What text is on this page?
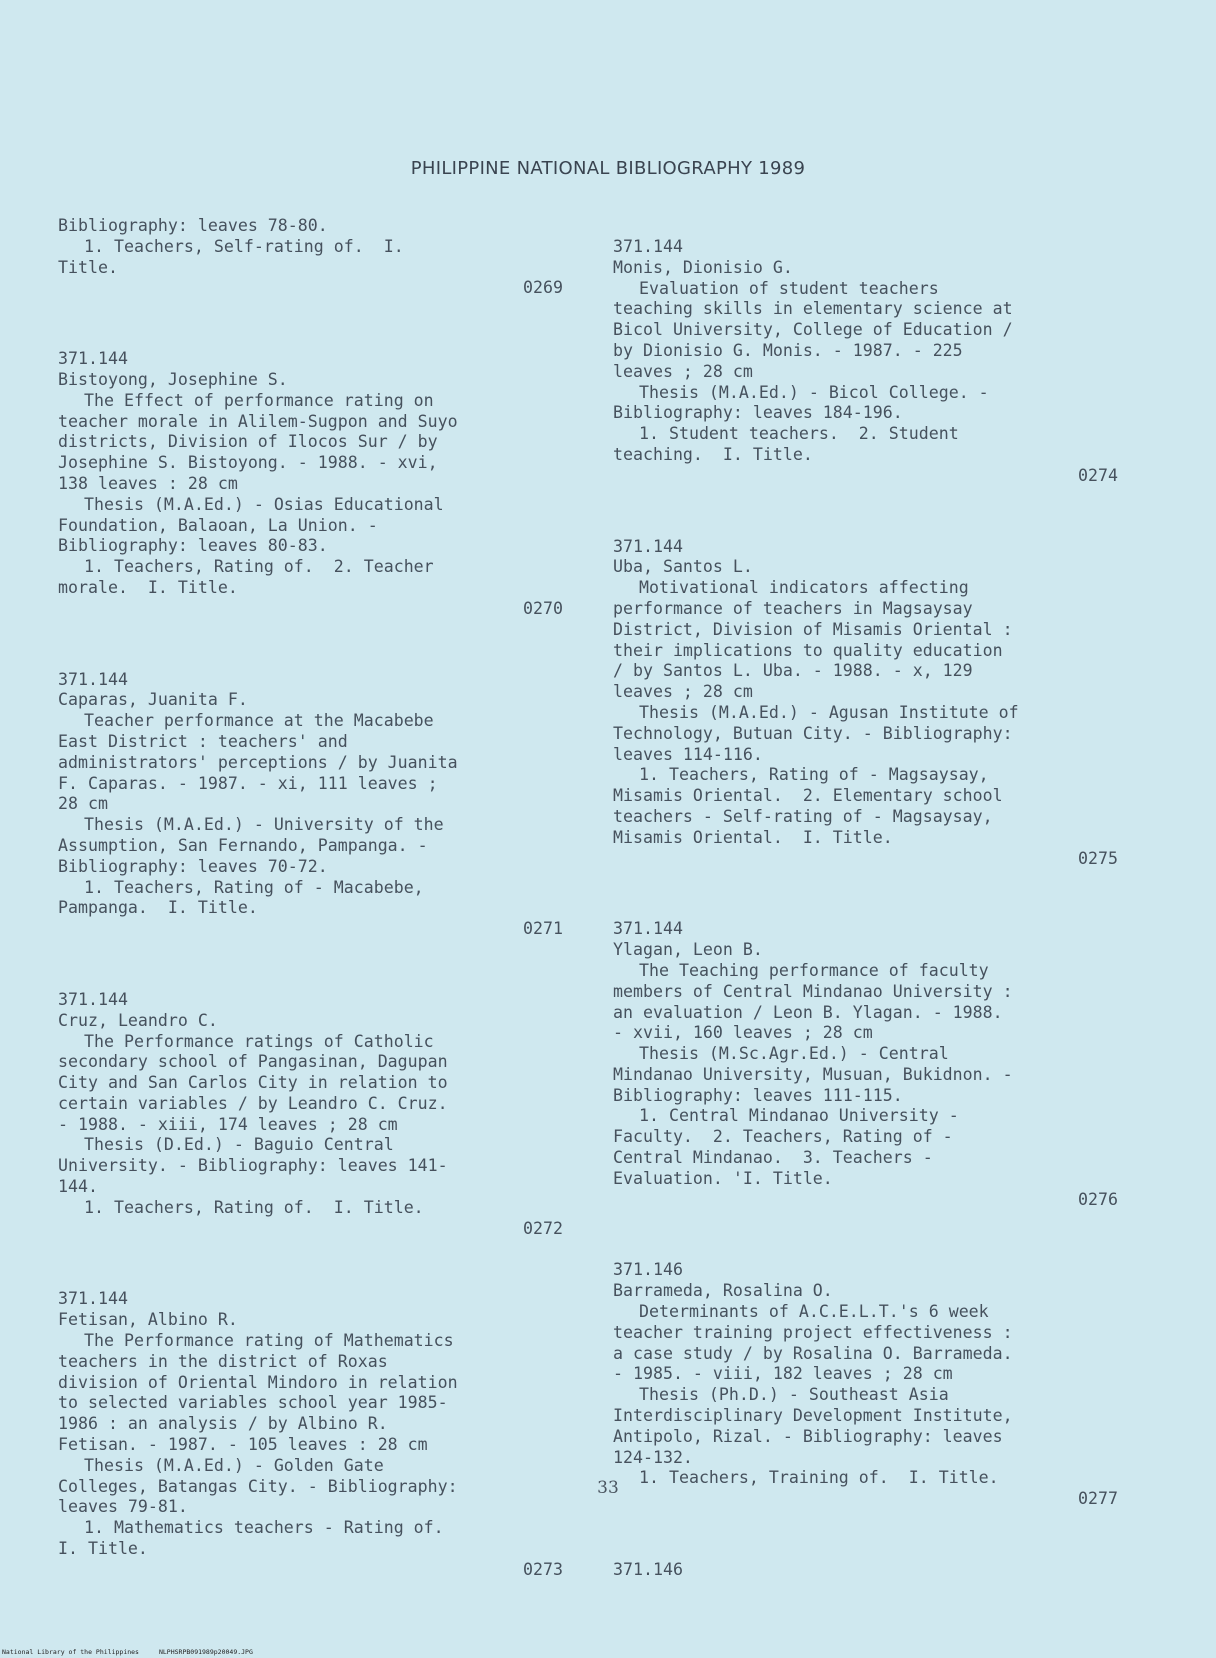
PHILIPPINE NATIONAL BIBLIOGRAPHY 1989
Bibliography: leaves 78-80.
1. Teachers, Self-rating of.  I.
Title.
0269
371.144
Bistoyong, Josephine S.
The Effect of performance rating on
teacher morale in Alilem-Sugpon and Suyo
districts, Division of Ilocos Sur / by
Josephine S. Bistoyong. - 1988. - xvi,
138 leaves : 28 cm
Thesis (M.A.Ed.) - Osias Educational
Foundation, Balaoan, La Union. -
Bibliography: leaves 80-83.
1. Teachers, Rating of.  2. Teacher
morale.  I. Title.
0270
371.144
Caparas, Juanita F.
Teacher performance at the Macabebe
East District : teachers' and
administrators' perceptions / by Juanita
F. Caparas. - 1987. - xi, 111 leaves ;
28 cm
Thesis (M.A.Ed.) - University of the
Assumption, San Fernando, Pampanga. -
Bibliography: leaves 70-72.
1. Teachers, Rating of - Macabebe,
Pampanga.  I. Title.
0271
371.144
Cruz, Leandro C.
The Performance ratings of Catholic
secondary school of Pangasinan, Dagupan
City and San Carlos City in relation to
certain variables / by Leandro C. Cruz.
- 1988. - xiii, 174 leaves ; 28 cm
Thesis (D.Ed.) - Baguio Central
University. - Bibliography: leaves 141-
144.
1. Teachers, Rating of.  I. Title.
0272
371.144
Fetisan, Albino R.
The Performance rating of Mathematics
teachers in the district of Roxas
division of Oriental Mindoro in relation
to selected variables school year 1985-
1986 : an analysis / by Albino R.
Fetisan. - 1987. - 105 leaves : 28 cm
Thesis (M.A.Ed.) - Golden Gate
Colleges, Batangas City. - Bibliography:
leaves 79-81.
1. Mathematics teachers - Rating of.
I. Title.
0273
371.144
Monis, Dionisio G.
Evaluation of student teachers
teaching skills in elementary science at
Bicol University, College of Education /
by Dionisio G. Monis. - 1987. - 225
leaves ; 28 cm
Thesis (M.A.Ed.) - Bicol College. -
Bibliography: leaves 184-196.
1. Student teachers.  2. Student
teaching.  I. Title.
0274
371.144
Uba, Santos L.
Motivational indicators affecting
performance of teachers in Magsaysay
District, Division of Misamis Oriental :
their implications to quality education
/ by Santos L. Uba. - 1988. - x, 129
leaves ; 28 cm
Thesis (M.A.Ed.) - Agusan Institute of
Technology, Butuan City. - Bibliography:
leaves 114-116.
1. Teachers, Rating of - Magsaysay,
Misamis Oriental.  2. Elementary school
teachers - Self-rating of - Magsaysay,
Misamis Oriental.  I. Title.
0275
371.144
Ylagan, Leon B.
The Teaching performance of faculty
members of Central Mindanao University :
an evaluation / Leon B. Ylagan. - 1988.
- xvii, 160 leaves ; 28 cm
Thesis (M.Sc.Agr.Ed.) - Central
Mindanao University, Musuan, Bukidnon. -
Bibliography: leaves 111-115.
1. Central Mindanao University -
Faculty.  2. Teachers, Rating of -
Central Mindanao.  3. Teachers -
Evaluation. 'I. Title.
0276
371.146
Barrameda, Rosalina O.
Determinants of A.C.E.L.T.'s 6 week
teacher training project effectiveness :
a case study / by Rosalina O. Barrameda.
- 1985. - viii, 182 leaves ; 28 cm
Thesis (Ph.D.) - Southeast Asia
Interdisciplinary Development Institute,
Antipolo, Rizal. - Bibliography: leaves
124-132.
1. Teachers, Training of.  I. Title.
0277
371.146
33
National Library of the Philippines	NLPHSRPB091989p20049.JPG
